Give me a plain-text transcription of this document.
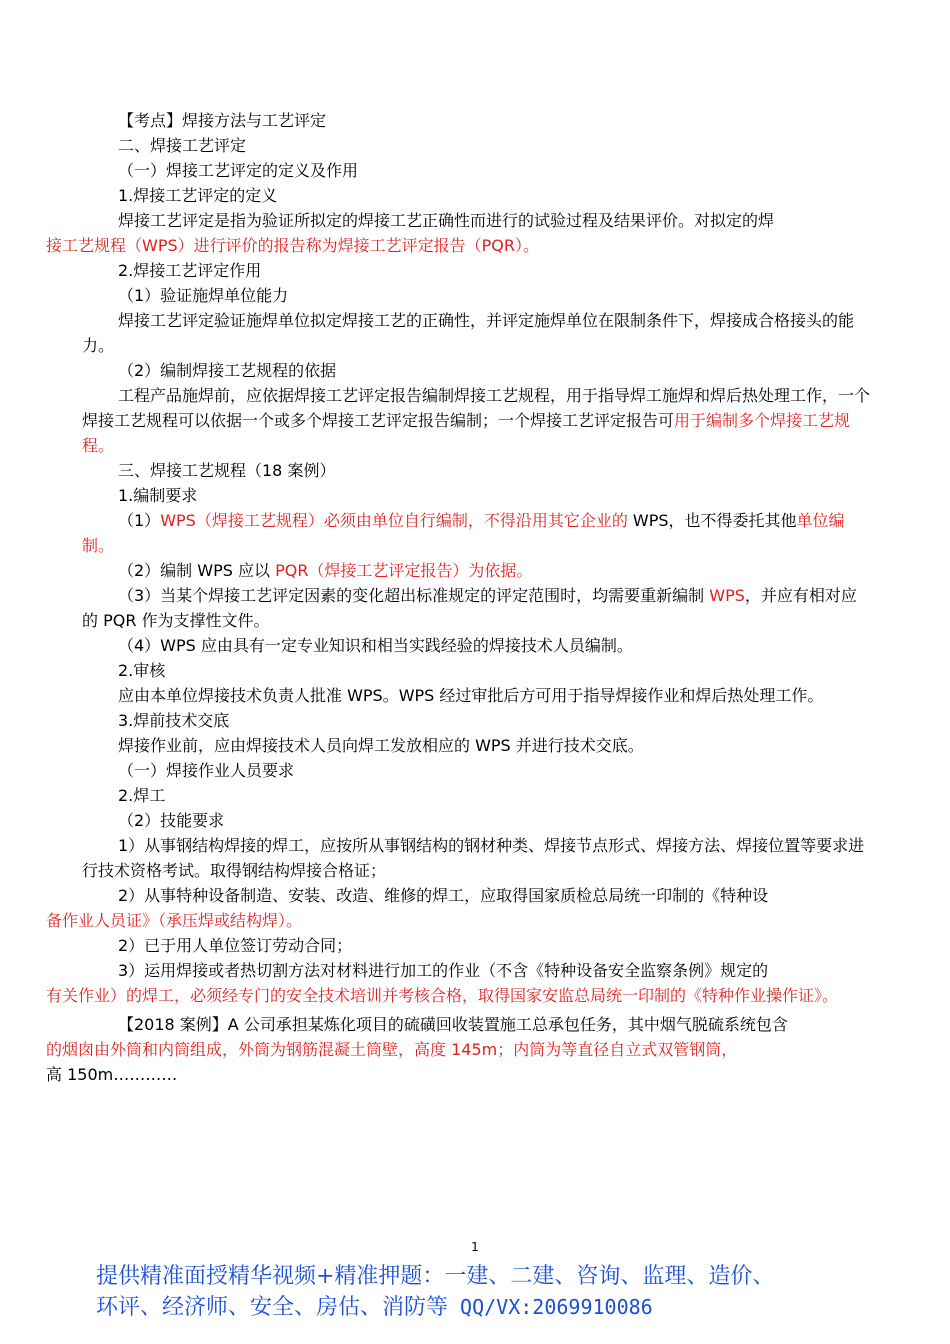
【考点】焊接方法与工艺评定

二、焊接工艺评定

（一）焊接工艺评定的定义及作用

1.焊接工艺评定的定义

焊接工艺评定是指为验证所拟定的焊接工艺正确性而进行的试验过程及结果评价。对拟定的焊
接工艺规程（WPS）进行评价的报告称为焊接工艺评定报告（PQR）。

2.焊接工艺评定作用

（1）验证施焊单位能力

焊接工艺评定验证施焊单位拟定焊接工艺的正确性，并评定施焊单位在限制条件下，焊接成合格接头的能力。

（2）编制焊接工艺规程的依据

工程产品施焊前，应依据焊接工艺评定报告编制焊接工艺规程，用于指导焊工施焊和焊后热处理工作，一个焊接工艺规程可以依据一个或多个焊接工艺评定报告编制；一个焊接工艺评定报告可用于编制多个焊接工艺规程。

三、焊接工艺规程（18 案例）

1.编制要求

（1）WPS（焊接工艺规程）必须由单位自行编制，不得沿用其它企业的 WPS，也不得委托其他单位编制。

（2）编制 WPS 应以 PQR（焊接工艺评定报告）为依据。

（3）当某个焊接工艺评定因素的变化超出标准规定的评定范围时，均需要重新编制 WPS，并应有相对应的 PQR 作为支撑性文件。

（4）WPS 应由具有一定专业知识和相当实践经验的焊接技术人员编制。

2.审核

应由本单位焊接技术负责人批准 WPS。WPS 经过审批后方可用于指导焊接作业和焊后热处理工作。

3.焊前技术交底

焊接作业前，应由焊接技术人员向焊工发放相应的 WPS 并进行技术交底。

（一）焊接作业人员要求

2.焊工

（2）技能要求

1）从事钢结构焊接的焊工，应按所从事钢结构的钢材种类、焊接节点形式、焊接方法、焊接位置等要求进行技术资格考试。取得钢结构焊接合格证；

2）从事特种设备制造、安装、改造、维修的焊工，应取得国家质检总局统一印制的《特种设
备作业人员证》（承压焊或结构焊）。

2）已于用人单位签订劳动合同；

3）运用焊接或者热切割方法对材料进行加工的作业（不含《特种设备安全监察条例》规定的
有关作业）的焊工，必须经专门的安全技术培训并考核合格，取得国家安监总局统一印制的《特种作业操作证》。

【2018 案例】A 公司承担某炼化项目的硫磺回收装置施工总承包任务，其中烟气脱硫系统包含
的烟囱由外筒和内筒组成，外筒为钢筋混凝土筒壁，高度 145m；内筒为等直径自立式双管钢筒，
高 150m…………

1
提供精准面授精华视频+精准押题：一建、二建、咨询、监理、造价、
环评、经济师、安全、房估、消防等 QQ/VX:2069910086
